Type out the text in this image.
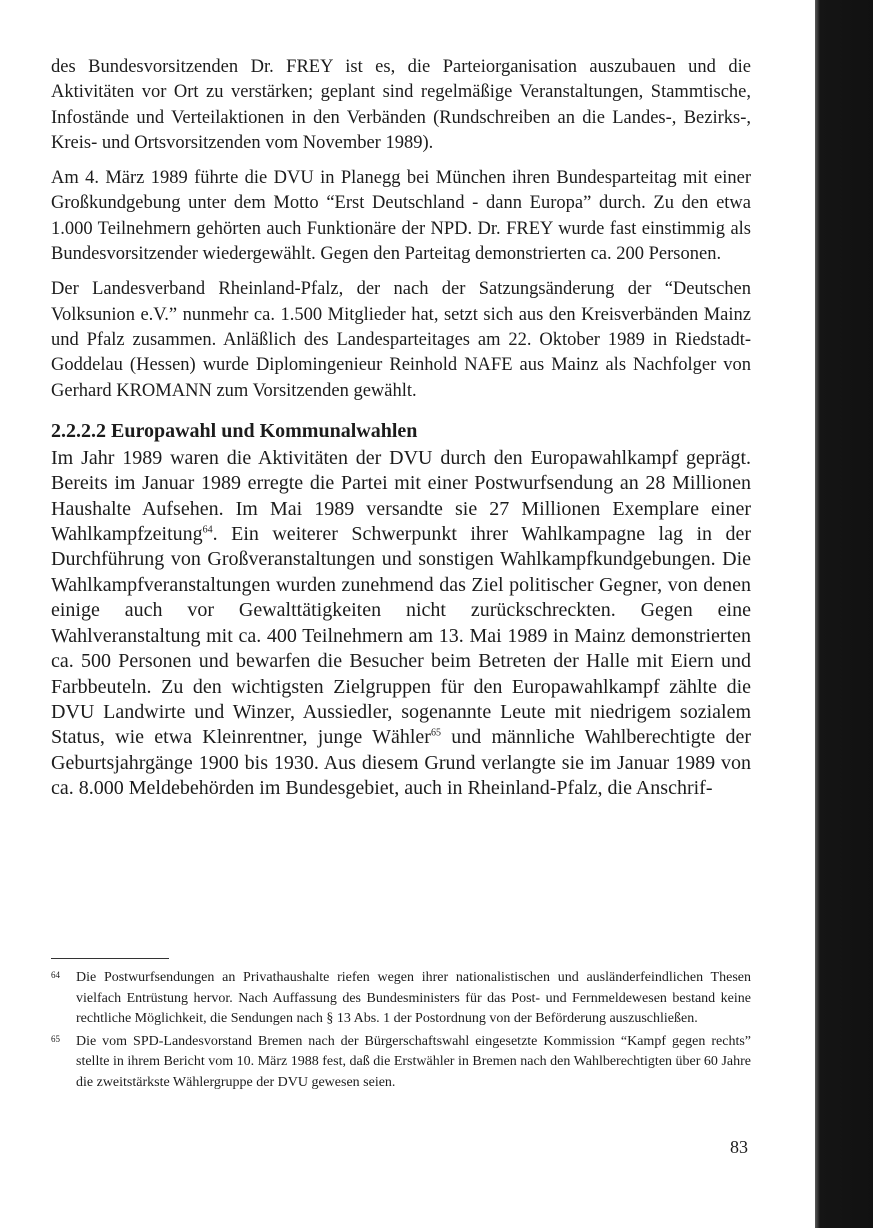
des Bundesvorsitzenden Dr. FREY ist es, die Parteiorganisation auszubauen und die Aktivitäten vor Ort zu verstärken; geplant sind regelmäßige Veranstaltungen, Stammtische, Infostände und Verteilaktionen in den Verbänden (Rundschreiben an die Landes-, Bezirks-, Kreis- und Ortsvorsitzenden vom November 1989).

Am 4. März 1989 führte die DVU in Planegg bei München ihren Bundesparteitag mit einer Großkundgebung unter dem Motto “Erst Deutschland - dann Europa” durch. Zu den etwa 1.000 Teilnehmern gehörten auch Funktionäre der NPD. Dr. FREY wurde fast einstimmig als Bundesvorsitzender wiedergewählt. Gegen den Parteitag demonstrierten ca. 200 Personen.

Der Landesverband Rheinland-Pfalz, der nach der Satzungsänderung der “Deutschen Volksunion e.V.” nunmehr ca. 1.500 Mitglieder hat, setzt sich aus den Kreisverbänden Mainz und Pfalz zusammen. Anläßlich des Landesparteitages am 22. Oktober 1989 in Riedstadt-Goddelau (Hessen) wurde Diplomingenieur Reinhold NAFE aus Mainz als Nachfolger von Gerhard KROMANN zum Vorsitzenden gewählt.

2.2.2.2 Europawahl und Kommunalwahlen

Im Jahr 1989 waren die Aktivitäten der DVU durch den Europawahlkampf geprägt. Bereits im Januar 1989 erregte die Partei mit einer Postwurfsendung an 28 Millionen Haushalte Aufsehen. Im Mai 1989 versandte sie 27 Millionen Exemplare einer Wahlkampfzeitung$^{64}$. Ein weiterer Schwerpunkt ihrer Wahlkampagne lag in der Durchführung von Großveranstaltungen und sonstigen Wahlkampfkundgebungen. Die Wahlkampfveranstaltungen wurden zunehmend das Ziel politischer Gegner, von denen einige auch vor Gewalttätigkeiten nicht zurückschreckten. Gegen eine Wahlveranstaltung mit ca. 400 Teilnehmern am 13. Mai 1989 in Mainz demonstrierten ca. 500 Personen und bewarfen die Besucher beim Betreten der Halle mit Eiern und Farbbeuteln. Zu den wichtigsten Zielgruppen für den Europawahlkampf zählte die DVU Landwirte und Winzer, Aussiedler, sogenannte Leute mit niedrigem sozialem Status, wie etwa Kleinrentner, junge Wähler$^{65}$ und männliche Wahlberechtigte der Geburtsjahrgänge 1900 bis 1930. Aus diesem Grund verlangte sie im Januar 1989 von ca. 8.000 Meldebehörden im Bundesgebiet, auch in Rheinland-Pfalz, die Anschrif-

64 Die Postwurfsendungen an Privathaushalte riefen wegen ihrer nationalistischen und ausländerfeindlichen Thesen vielfach Entrüstung hervor. Nach Auffassung des Bundesministers für das Post- und Fernmeldewesen bestand keine rechtliche Möglichkeit, die Sendungen nach § 13 Abs. 1 der Postordnung von der Beförderung auszuschließen.
65 Die vom SPD-Landesvorstand Bremen nach der Bürgerschaftswahl eingesetzte Kommission “Kampf gegen rechts” stellte in ihrem Bericht vom 10. März 1988 fest, daß die Erstwähler in Bremen nach den Wahlberechtigten über 60 Jahre die zweitstärkste Wählergruppe der DVU gewesen seien.
83
